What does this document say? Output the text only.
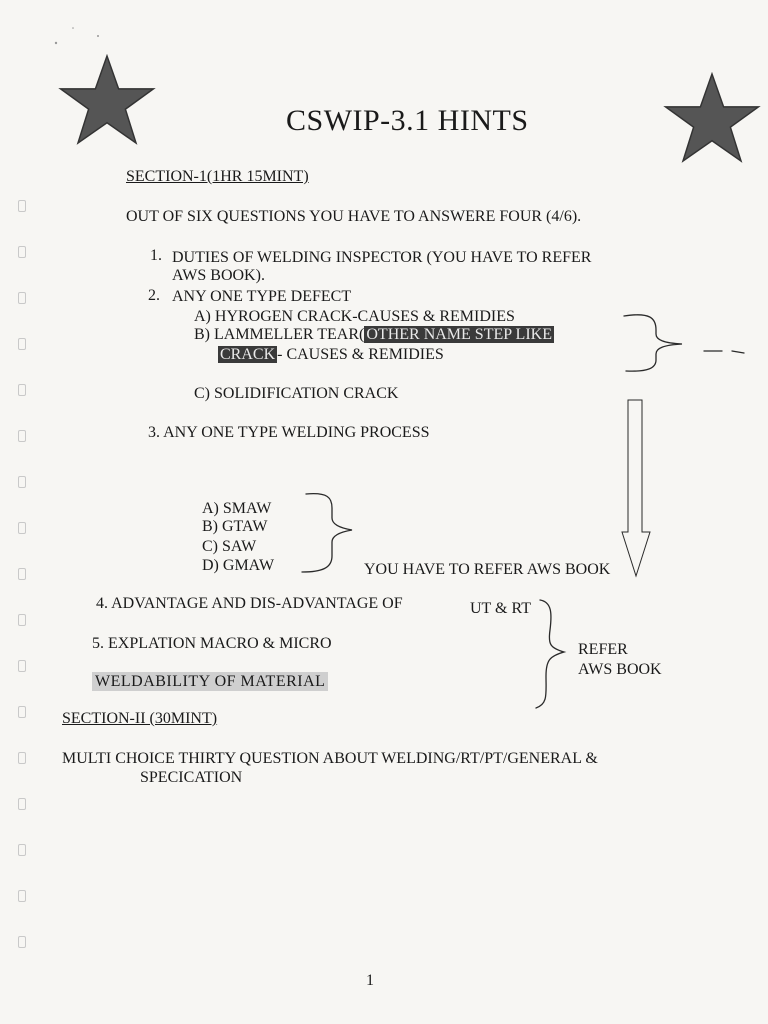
CSWIP-3.1 HINTS
SECTION-1(1HR 15MINT)
OUT OF SIX QUESTIONS YOU HAVE TO ANSWERE FOUR (4/6).
1. DUTIES OF WELDING INSPECTOR (YOU HAVE TO REFER
AWS BOOK).
2. ANY ONE TYPE DEFECT
A) HYROGEN CRACK-CAUSES & REMIDIES
B) LAMMELLER TEAR( OTHER NAME STEP LIKE
CRACK - CAUSES & REMIDIES
C) SOLIDIFICATION CRACK
3. ANY ONE TYPE WELDING PROCESS
A) SMAW
B) GTAW
C) SAW
D) GMAW	YOU HAVE TO REFER AWS BOOK
4. ADVANTAGE AND DIS-ADVANTAGE OF	UT & RT
5. EXPLATION MACRO & MICRO
WELDABILITY OF MATERIAL
REFER
AWS BOOK
SECTION-II (30MINT)
MULTI CHOICE THIRTY QUESTION ABOUT WELDING/RT/PT/GENERAL &
SPECICATION
1
